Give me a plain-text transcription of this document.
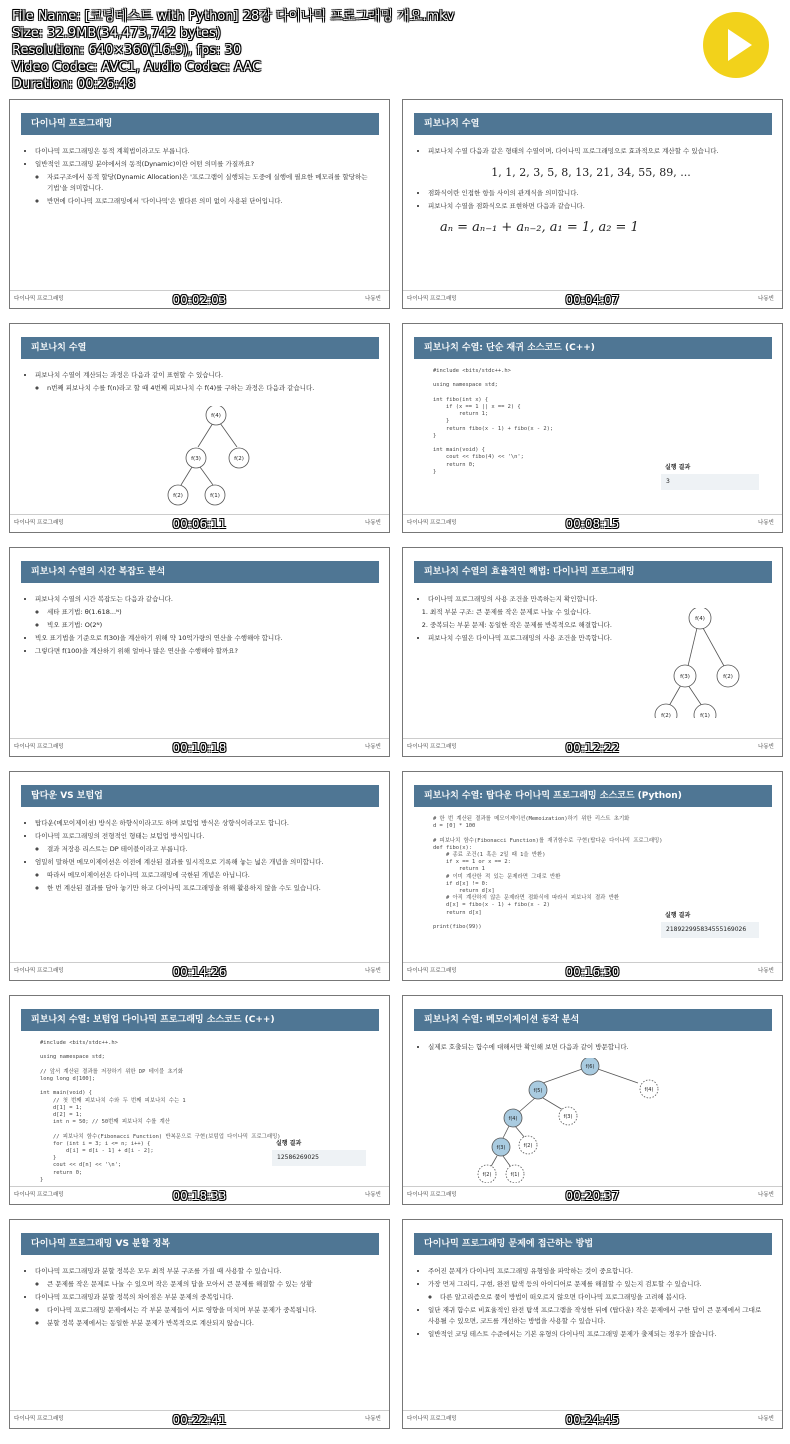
File Name: [코딩테스트 with Python] 28강 다이나믹 프로그래밍 개요.mkv
Size: 32.9MB(34,473,742 bytes)
Resolution: 640×360(16:9), fps: 30
Video Codec: AVC1, Audio Codec: AAC
Duration: 00:26:48
다이나믹 프로그래밍
• 다이나믹 프로그래밍은 동적 계획법이라고도 부릅니다.
• 일반적인 프로그래밍 분야에서의 동적(Dynamic)이란 어떤 의미를 가질까요?
◦ 자료구조에서 동적 할당(Dynamic Allocation)은 '프로그램이 실행되는 도중에 실행에 필요한 메모리를 할당하는 기법'을 의미합니다.
◦ 반면에 다이나믹 프로그래밍에서 '다이나믹'은 별다른 의미 없이 사용된 단어입니다.
다이나믹 프로그래밍	나동빈
00:02:03
피보나치 수열
• 피보나치 수열 다음과 같은 형태의 수열이며, 다이나믹 프로그래밍으로 효과적으로 계산할 수 있습니다.
1, 1, 2, 3, 5, 8, 13, 21, 34, 55, 89, ...
• 점화식이란 인접한 항들 사이의 관계식을 의미합니다.
• 피보나치 수열을 점화식으로 표현하면 다음과 같습니다.
aₙ = aₙ₋₁ + aₙ₋₂, a₁ = 1, a₂ = 1
다이나믹 프로그래밍	나동빈
00:04:07
피보나치 수열
• 피보나치 수열이 계산되는 과정은 다음과 같이 표현할 수 있습니다.
◦ n번째 피보나치 수를 f(n)라고 할 때 4번째 피보나치 수 f(4)를 구하는 과정은 다음과 같습니다.
f(4)
f(3)	f(2)
f(2)	f(1)
다이나믹 프로그래밍	나동빈
00:06:11
피보나치 수열: 단순 재귀 소스코드 (C++)
#include <bits/stdc++.h>

using namespace std;

int fibo(int x) {
if (x == 1 || x == 2) {
return 1;
}
return fibo(x - 1) + fibo(x - 2);
}

int main(void) {
cout << fibo(4) << '\n';
return 0;
}
실행 결과
3
다이나믹 프로그래밍	나동빈
00:08:15
피보나치 수열의 시간 복잡도 분석
• 피보나치 수열의 시간 복잡도는 다음과 같습니다.
◦ 세타 표기법: θ(1.618...ᴺ)
◦ 빅오 표기법: O(2ᴺ)
• 빅오 표기법을 기준으로 f(30)을 계산하기 위해 약 10억가량의 연산을 수행해야 합니다.
• 그렇다면 f(100)을 계산하기 위해 얼마나 많은 연산을 수행해야 할까요?
다이나믹 프로그래밍	나동빈
00:10:18
피보나치 수열의 효율적인 해법: 다이나믹 프로그래밍
• 다이나믹 프로그래밍의 사용 조건을 만족하는지 확인합니다.
1. 최적 부분 구조: 큰 문제를 작은 문제로 나눌 수 있습니다.
2. 중복되는 부분 문제: 동일한 작은 문제를 반복적으로 해결합니다.
• 피보나치 수열은 다이나믹 프로그래밍의 사용 조건을 만족합니다.
f(4)
f(3)	f(2)
f(2)	f(1)
다이나믹 프로그래밍	나동빈
00:12:22
탑다운 VS 보텀업
• 탑다운(메모이제이션) 방식은 하향식이라고도 하며 보텀업 방식은 상향식이라고도 합니다.
• 다이나믹 프로그래밍의 전형적인 형태는 보텀업 방식입니다.
◦ 결과 저장용 리스트는 DP 테이블이라고 부릅니다.
• 엄밀히 말하면 메모이제이션은 이전에 계산된 결과를 일시적으로 기록해 놓는 넓은 개념을 의미합니다.
◦ 따라서 메모이제이션은 다이나믹 프로그래밍에 국한된 개념은 아닙니다.
◦ 한 번 계산된 결과를 담아 놓기만 하고 다이나믹 프로그래밍을 위해 활용하지 않을 수도 있습니다.
다이나믹 프로그래밍	나동빈
00:14:26
피보나치 수열: 탑다운 다이나믹 프로그래밍 소스코드 (Python)
# 한 번 계산된 결과를 메모이제이션(Memoization)하기 위한 리스트 초기화
d = [0] * 100

# 피보나치 함수(Fibonacci Function)를 재귀함수로 구현(탑다운 다이나믹 프로그래밍)
def fibo(x):
# 종료 조건(1 혹은 2일 때 1을 반환)
if x == 1 or x == 2:
return 1
# 이미 계산한 적 있는 문제라면 그대로 반환
if d[x] != 0:
return d[x]
# 아직 계산하지 않은 문제라면 점화식에 따라서 피보나치 결과 반환
d[x] = fibo(x - 1) + fibo(x - 2)
return d[x]

print(fibo(99))
실행 결과
218922995834555169026
다이나믹 프로그래밍	나동빈
00:16:30
피보나치 수열: 보텀업 다이나믹 프로그래밍 소스코드 (C++)
#include <bits/stdc++.h>

using namespace std;

// 앞서 계산된 결과를 저장하기 위한 DP 테이블 초기화
long long d[100];

int main(void) {
// 첫 번째 피보나치 수와 두 번째 피보나치 수는 1
d[1] = 1;
d[2] = 1;
int n = 50; // 50번째 피보나치 수를 계산

// 피보나치 함수(Fibonacci Function) 반복문으로 구현(보텀업 다이나믹 프로그래밍)
for (int i = 3; i <= n; i++) {
d[i] = d[i - 1] + d[i - 2];
}
cout << d[n] << '\n';
return 0;
}
실행 결과
12586269025
다이나믹 프로그래밍	나동빈
00:18:33
피보나치 수열: 메모이제이션 동작 분석
• 실제로 호출되는 함수에 대해서만 확인해 보면 다음과 같이 방문합니다.
f(6)
f(5)	f(4)
f(4)	f(3)
f(3)	f(2)
f(2)	f(1)
다이나믹 프로그래밍	나동빈
00:20:37
다이나믹 프로그래밍 VS 분할 정복
• 다이나믹 프로그래밍과 분할 정복은 모두 최적 부분 구조를 가질 때 사용할 수 있습니다.
◦ 큰 문제를 작은 문제로 나눌 수 있으며 작은 문제의 답을 모아서 큰 문제를 해결할 수 있는 상황
• 다이나믹 프로그래밍과 분할 정복의 차이점은 부분 문제의 중복입니다.
◦ 다이나믹 프로그래밍 문제에서는 각 부분 문제들이 서로 영향을 미치며 부분 문제가 중복됩니다.
◦ 분할 정복 문제에서는 동일한 부분 문제가 반복적으로 계산되지 않습니다.
다이나믹 프로그래밍	나동빈
00:22:41
다이나믹 프로그래밍 문제에 접근하는 방법
• 주어진 문제가 다이나믹 프로그래밍 유형임을 파악하는 것이 중요합니다.
• 가장 먼저 그리디, 구현, 완전 탐색 등의 아이디어로 문제를 해결할 수 있는지 검토할 수 있습니다.
◦ 다른 알고리즘으로 풀이 방법이 떠오르지 않으면 다이나믹 프로그래밍을 고려해 봅시다.
• 일단 재귀 함수로 비효율적인 완전 탐색 프로그램을 작성한 뒤에 (탑다운) 작은 문제에서 구한 답이 큰 문제에서 그대로 사용될 수 있으면, 코드를 개선하는 방법을 사용할 수 있습니다.
• 일반적인 코딩 테스트 수준에서는 기본 유형의 다이나믹 프로그래밍 문제가 출제되는 경우가 많습니다.
다이나믹 프로그래밍	나동빈
00:24:45
